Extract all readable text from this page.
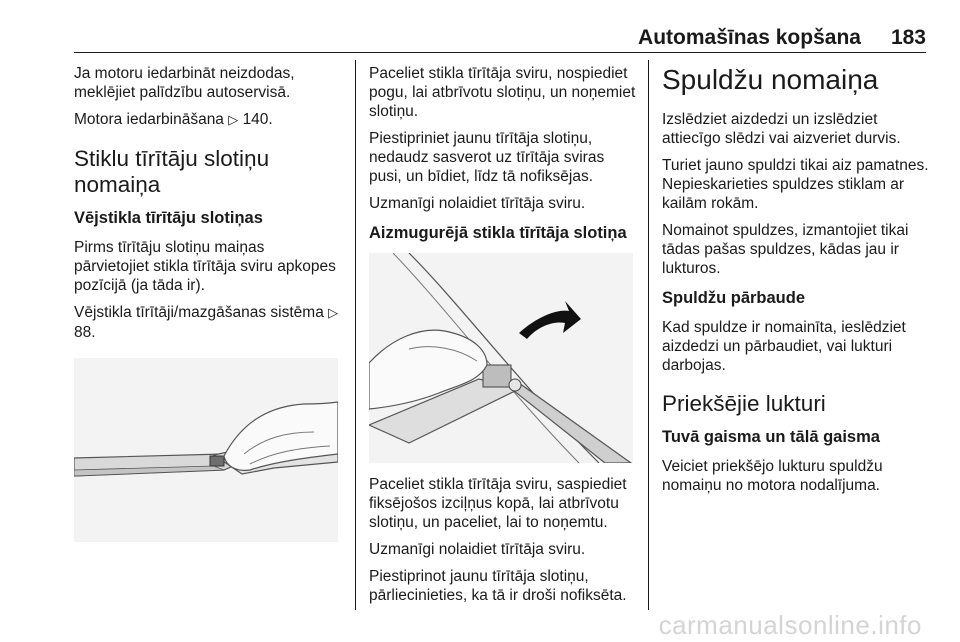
Automašīnas kopšana 183

Ja motoru iedarbināt neizdodas, meklējiet palīdzību autoservisā.

Motora iedarbināšana ▷ 140.

Stiklu tīrītāju slotiņu nomaiņa
Vējstikla tīrītāju slotiņas

Pirms tīrītāju slotiņu maiņas pārvietojiet stikla tīrītāja sviru apkopes pozīcijā (ja tāda ir).

Vējstikla tīrītāji/mazgāšanas sistēma ▷ 88.

Paceliet stikla tīrītāja sviru, nospiediet pogu, lai atbrīvotu slotiņu, un noņemiet slotiņu.

Piestipriniet jaunu tīrītāja slotiņu, nedaudz sasverot uz tīrītāja sviras pusi, un bīdiet, līdz tā nofiksējas.

Uzmanīgi nolaidiet tīrītāja sviru.

Aizmugurējā stikla tīrītāja slotiņa

Paceliet stikla tīrītāja sviru, saspiediet fiksējošos izciļņus kopā, lai atbrīvotu slotiņu, un paceliet, lai to noņemtu.

Uzmanīgi nolaidiet tīrītāja sviru.

Piestiprinot jaunu tīrītāja slotiņu, pārliecinieties, ka tā ir droši nofiksēta.

Spuldžu nomaiņa

Izslēdziet aizdedzi un izslēdziet attiecīgo slēdzi vai aizveriet durvis.

Turiet jauno spuldzi tikai aiz pamatnes. Nepieskarieties spuldzes stiklam ar kailām rokām.

Nomainot spuldzes, izmantojiet tikai tādas pašas spuldzes, kādas jau ir lukturos.

Spuldžu pārbaude

Kad spuldze ir nomainīta, ieslēdziet aizdedzi un pārbaudiet, vai lukturi darbojas.

Priekšējie lukturi
Tuvā gaisma un tālā gaisma

Veiciet priekšējo lukturu spuldžu nomaiņu no motora nodalījuma.

carmanualsonline.info
